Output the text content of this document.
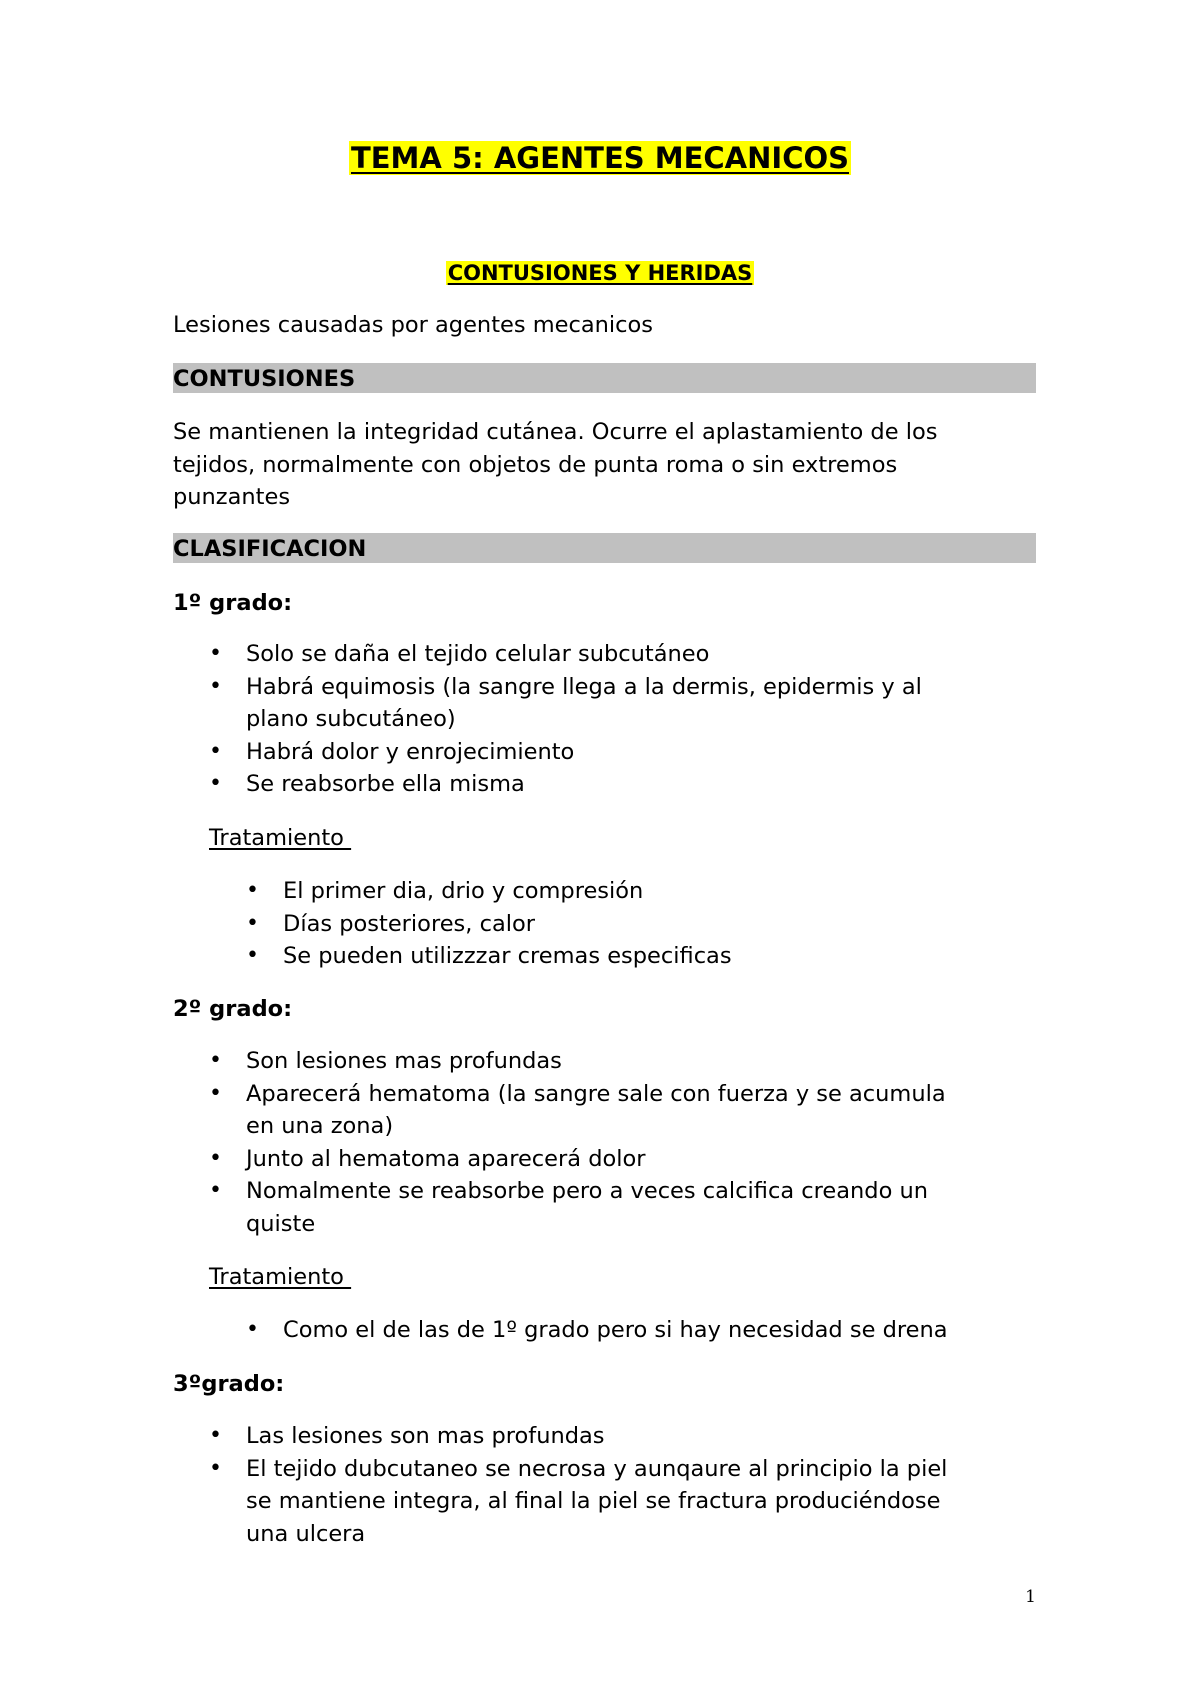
TEMA 5: AGENTES MECANICOS
CONTUSIONES Y HERIDAS
Lesiones causadas por agentes mecanicos
CONTUSIONES
Se mantienen la integridad cutánea. Ocurre el aplastamiento de los
tejidos, normalmente con objetos de punta roma o sin extremos
punzantes
CLASIFICACION
1º grado:
• Solo se daña el tejido celular subcutáneo
• Habrá equimosis (la sangre llega a la dermis, epidermis y al
plano subcutáneo)
• Habrá dolor y enrojecimiento
• Se reabsorbe ella misma
Tratamiento
• El primer dia, drio y compresión
• Días posteriores, calor
• Se pueden utilizzzar cremas especificas
2º grado:
• Son lesiones mas profundas
• Aparecerá hematoma (la sangre sale con fuerza y se acumula
en una zona)
• Junto al hematoma aparecerá dolor
• Nomalmente se reabsorbe pero a veces calcifica creando un
quiste
Tratamiento
• Como el de las de 1º grado pero si hay necesidad se drena
3ºgrado:
• Las lesiones son mas profundas
• El tejido dubcutaneo se necrosa y aunqaure al principio la piel
se mantiene integra, al final la piel se fractura produciéndose
una ulcera
1
